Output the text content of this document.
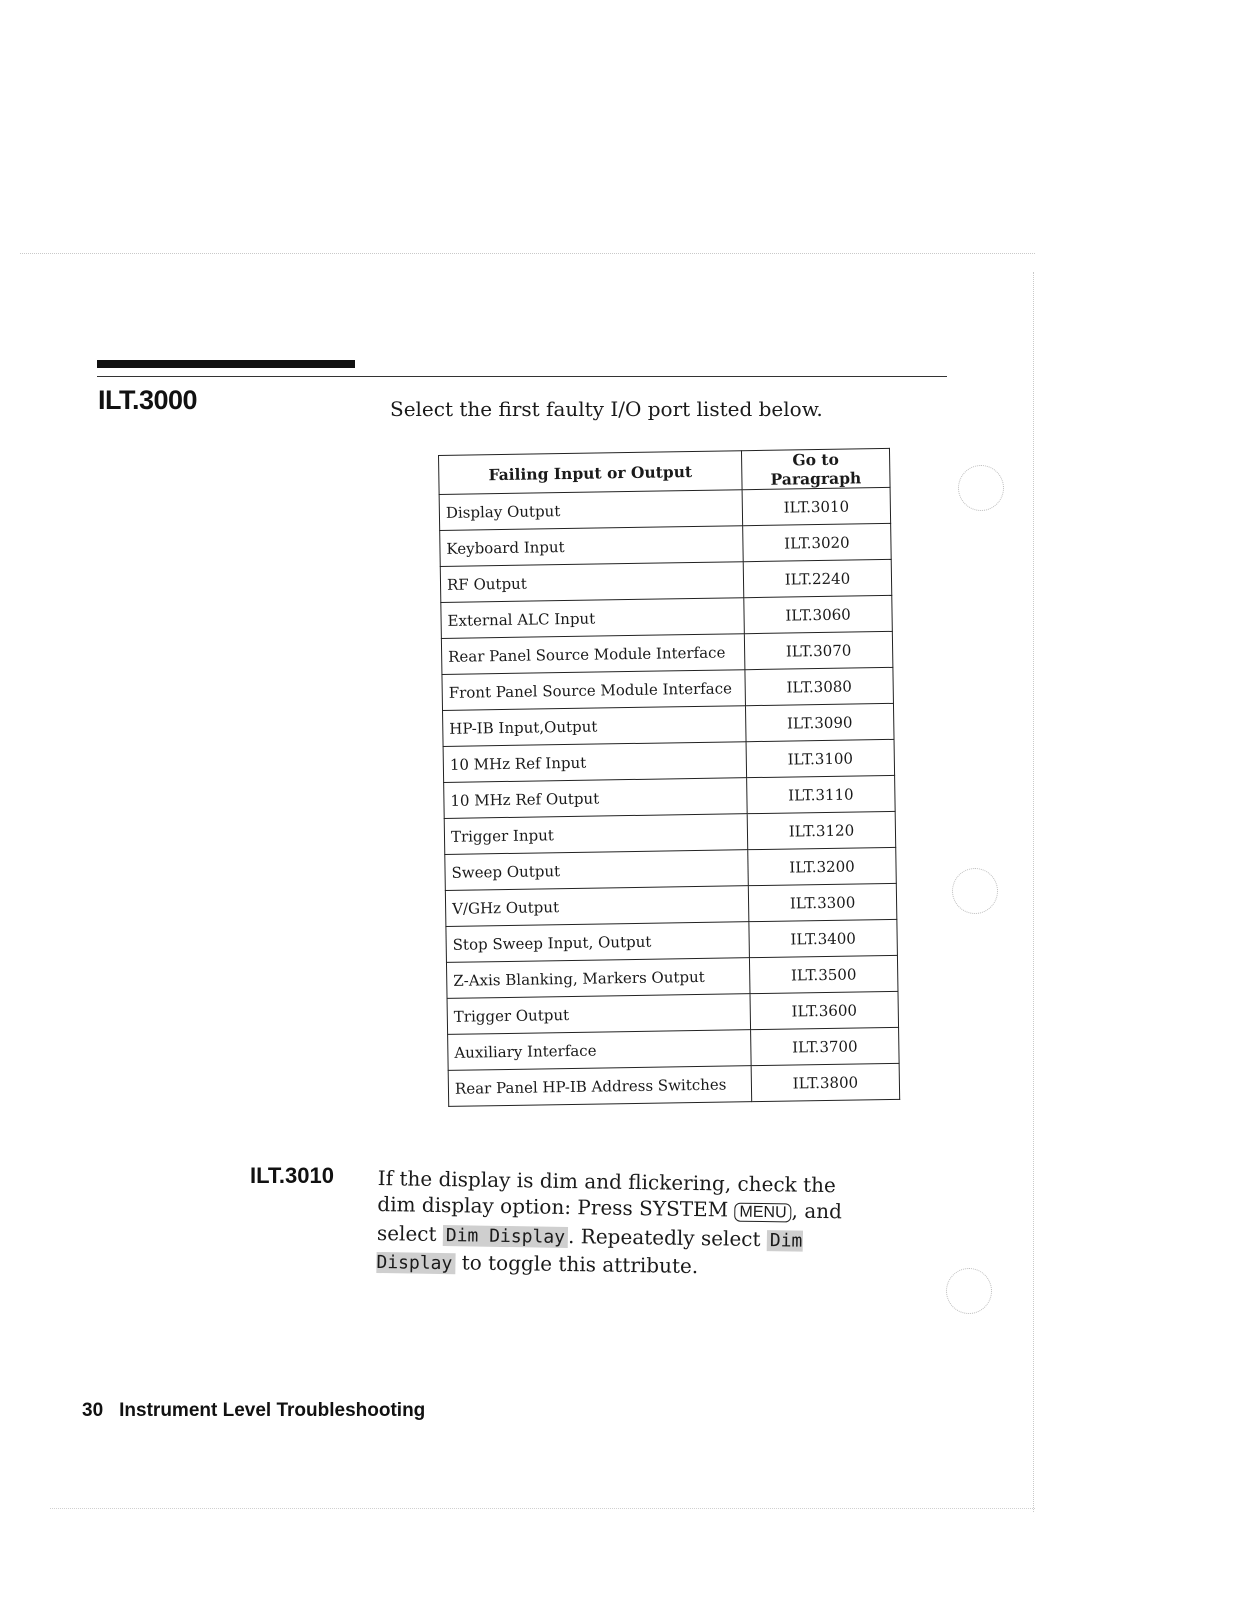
ILT.3000	Select the first faulty I/O port listed below.
Failing Input or Output	Go to Paragraph
Display Output	ILT.3010
Keyboard Input	ILT.3020
RF Output	ILT.2240
External ALC Input	ILT.3060
Rear Panel Source Module Interface	ILT.3070
Front Panel Source Module Interface	ILT.3080
HP-IB Input,Output	ILT.3090
10 MHz Ref Input	ILT.3100
10 MHz Ref Output	ILT.3110
Trigger Input	ILT.3120
Sweep Output	ILT.3200
V/GHz Output	ILT.3300
Stop Sweep Input, Output	ILT.3400
Z-Axis Blanking, Markers Output	ILT.3500
Trigger Output	ILT.3600
Auxiliary Interface	ILT.3700
Rear Panel HP-IB Address Switches	ILT.3800
ILT.3010 If the display is dim and flickering, check the dim display option: Press SYSTEM MENU , and select Dim Display . Repeatedly select Dim Display to toggle this attribute.
30 Instrument Level Troubleshooting
